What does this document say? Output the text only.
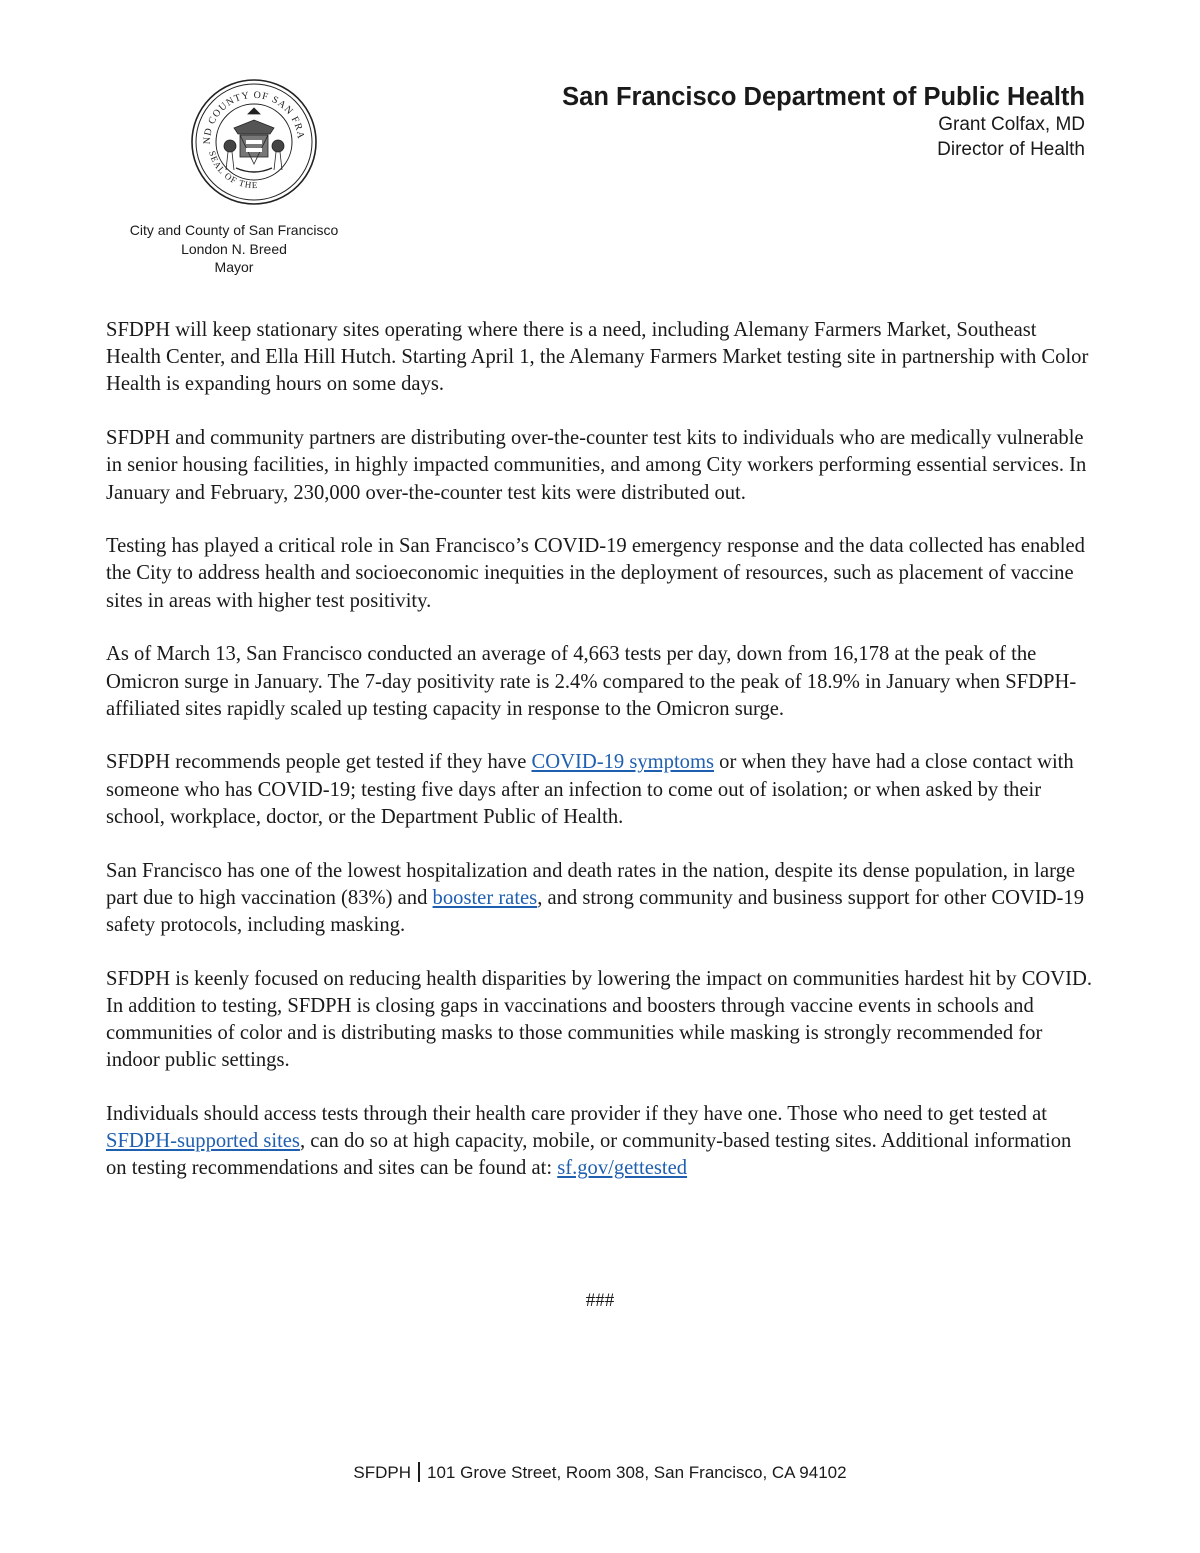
ND COUNTY OF SAN FRA
SEAL OF THE
City and County of San Francisco
London N. Breed
Mayor
San Francisco Department of Public Health
Grant Colfax, MD
Director of Health

SFDPH will keep stationary sites operating where there is a need, including Alemany Farmers Market, Southeast Health Center, and Ella Hill Hutch. Starting April 1, the Alemany Farmers Market testing site in partnership with Color Health is expanding hours on some days.

SFDPH and community partners are distributing over-the-counter test kits to individuals who are medically vulnerable in senior housing facilities, in highly impacted communities, and among City workers performing essential services. In January and February, 230,000 over-the-counter test kits were distributed out.

Testing has played a critical role in San Francisco’s COVID-19 emergency response and the data collected has enabled the City to address health and socioeconomic inequities in the deployment of resources, such as placement of vaccine sites in areas with higher test positivity.

As of March 13, San Francisco conducted an average of 4,663 tests per day, down from 16,178 at the peak of the Omicron surge in January. The 7-day positivity rate is 2.4% compared to the peak of 18.9% in January when SFDPH-affiliated sites rapidly scaled up testing capacity in response to the Omicron surge.

SFDPH recommends people get tested if they have COVID-19 symptoms or when they have had a close contact with someone who has COVID-19; testing five days after an infection to come out of isolation; or when asked by their school, workplace, doctor, or the Department Public of Health.

San Francisco has one of the lowest hospitalization and death rates in the nation, despite its dense population, in large part due to high vaccination (83%) and booster rates, and strong community and business support for other COVID-19 safety protocols, including masking.

SFDPH is keenly focused on reducing health disparities by lowering the impact on communities hardest hit by COVID. In addition to testing, SFDPH is closing gaps in vaccinations and boosters through vaccine events in schools and communities of color and is distributing masks to those communities while masking is strongly recommended for indoor public settings.

Individuals should access tests through their health care provider if they have one. Those who need to get tested at SFDPH-supported sites, can do so at high capacity, mobile, or community-based testing sites. Additional information on testing recommendations and sites can be found at: sf.gov/gettested

###
SFDPH 101 Grove Street, Room 308, San Francisco, CA 94102
